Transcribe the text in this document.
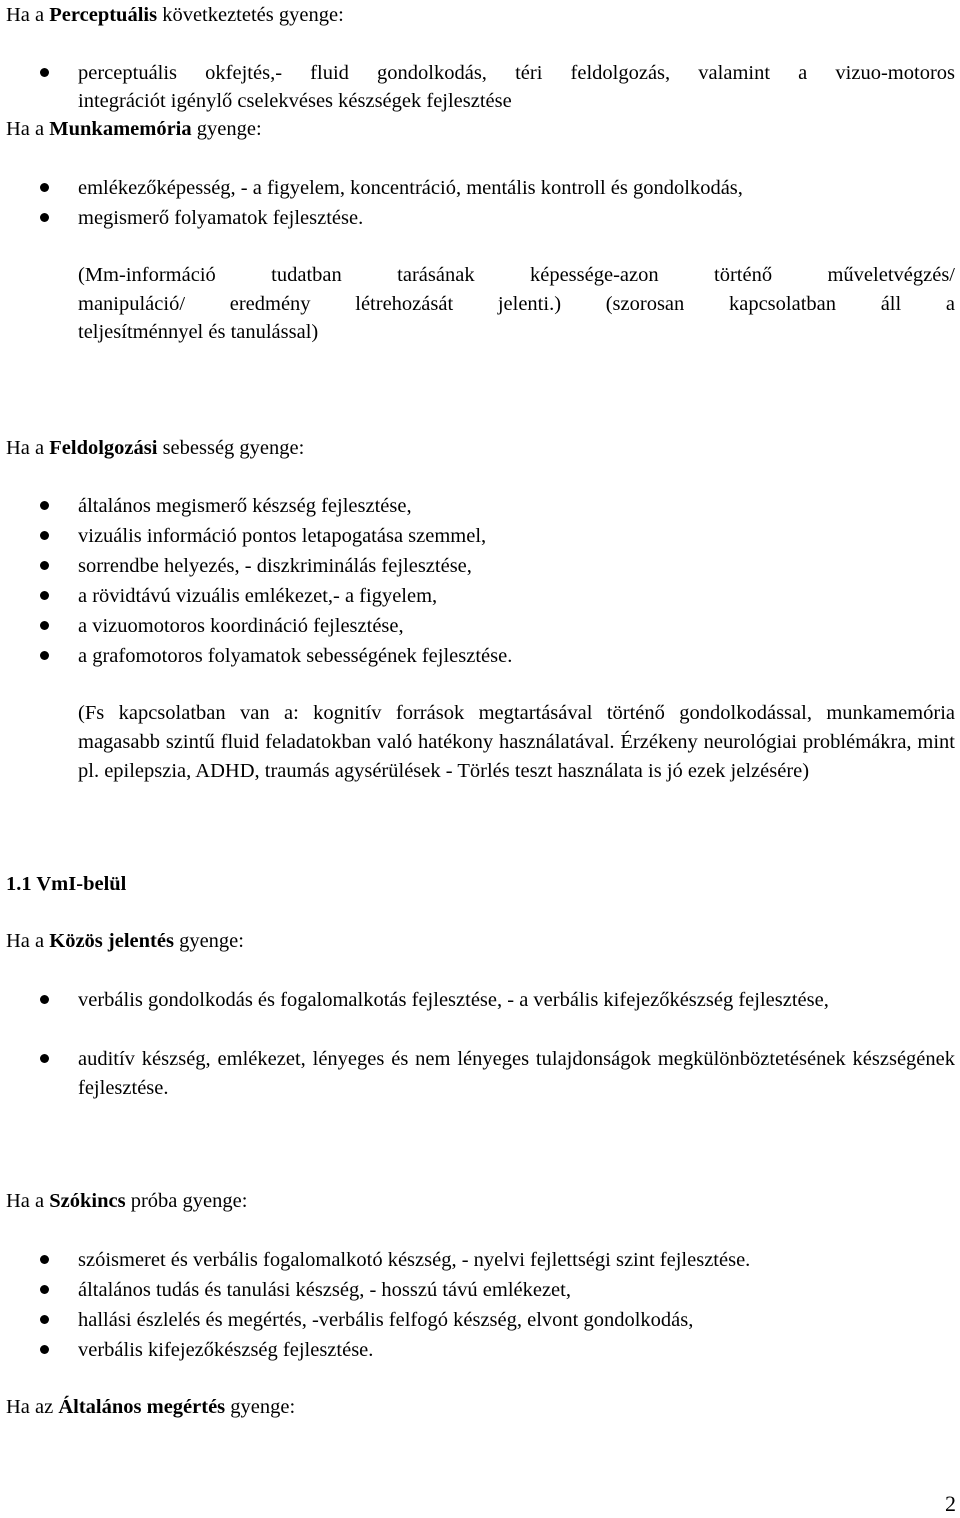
Ha a Perceptuális következtetés gyenge:
perceptuális okfejtés,- fluid gondolkodás, téri feldolgozás, valamint a vizuo-motoros
integrációt igénylő cselekvéses készségek fejlesztése
Ha a Munkamemória gyenge:
emlékezőképesség, - a figyelem, koncentráció, mentális kontroll és gondolkodás,
megismerő folyamatok fejlesztése.
(Mm-információ tudatban tarásának képessége-azon történő műveletvégzés/
manipuláció/ eredmény létrehozását jelenti.) (szorosan kapcsolatban áll a
teljesítménnyel és tanulással)
Ha a Feldolgozási sebesség gyenge:
általános megismerő készség fejlesztése,
vizuális információ pontos letapogatása szemmel,
sorrendbe helyezés, - diszkriminálás fejlesztése,
a rövidtávú vizuális emlékezet,- a figyelem,
a vizuomotoros koordináció fejlesztése,
a grafomotoros folyamatok sebességének fejlesztése.
(Fs kapcsolatban van a: kognitív források megtartásával történő gondolkodással, munkamemória magasabb szintű fluid feladatokban való hatékony használatával. Érzékeny neurológiai problémákra, mint pl. epilepszia, ADHD, traumás agysérülések - Törlés teszt használata is jó ezek jelzésére)
1.1 VmI-belül
Ha a Közös jelentés gyenge:
verbális gondolkodás és fogalomalkotás fejlesztése, - a verbális kifejezőkészség fejlesztése,
auditív készség, emlékezet, lényeges és nem lényeges tulajdonságok megkülönböztetésének készségének fejlesztése.
Ha a Szókincs próba gyenge:
szóismeret és verbális fogalomalkotó készség, - nyelvi fejlettségi szint fejlesztése.
általános tudás és tanulási készség, - hosszú távú emlékezet,
hallási észlelés és megértés, -verbális felfogó készség, elvont gondolkodás,
verbális kifejezőkészség fejlesztése.
Ha az Általános megértés gyenge:
2
